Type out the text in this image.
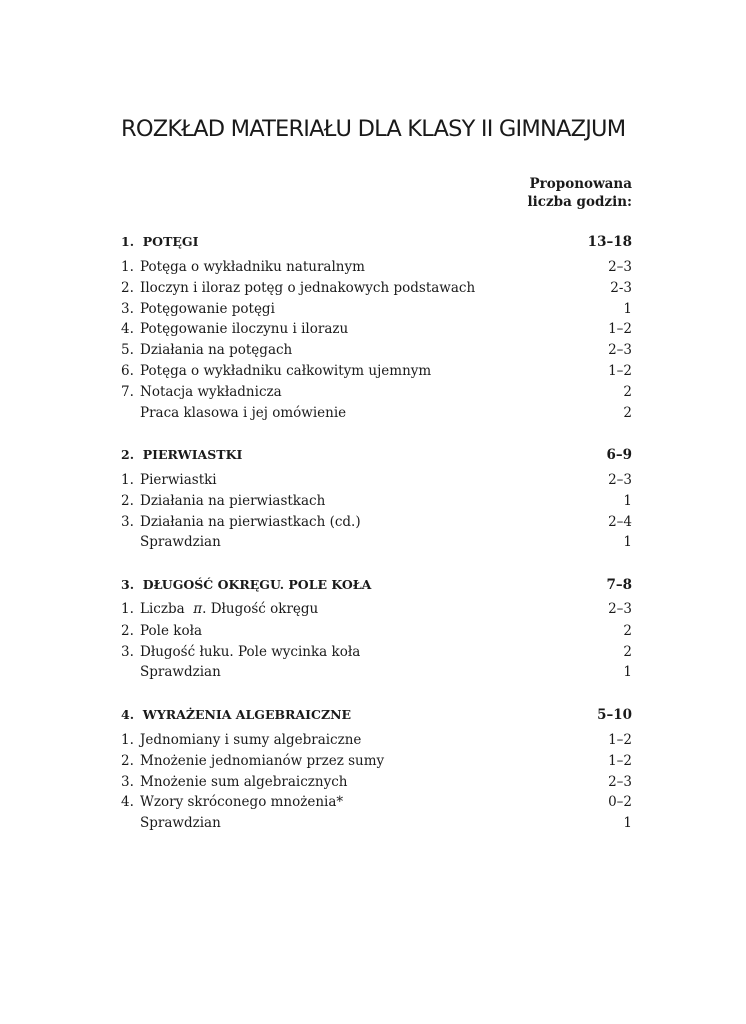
ROZKŁAD MATERIAŁU DLA KLASY II GIMNAZJUM
Proponowana
liczba godzin:
1. POTĘGI	13–18
1. Potęga o wykładniku naturalnym	2–3
2. Iloczyn i iloraz potęg o jednakowych podstawach	2-3
3. Potęgowanie potęgi	1
4. Potęgowanie iloczynu i ilorazu	1–2
5. Działania na potęgach	2–3
6. Potęga o wykładniku całkowitym ujemnym	1–2
7. Notacja wykładnicza	2
Praca klasowa i jej omówienie	2
2. PIERWIASTKI	6–9
1. Pierwiastki	2–3
2. Działania na pierwiastkach	1
3. Działania na pierwiastkach (cd.)	2–4
Sprawdzian	1
3. DŁUGOŚĆ OKRĘGU. POLE KOŁA	7–8
1. Liczba  π. Długość okręgu	2–3
2. Pole koła	2
3. Długość łuku. Pole wycinka koła	2
Sprawdzian	1
4. WYRAŻENIA ALGEBRAICZNE	5–10
1. Jednomiany i sumy algebraiczne	1–2
2. Mnożenie jednomianów przez sumy	1–2
3. Mnożenie sum algebraicznych	2–3
4. Wzory skróconego mnożenia*	0–2
Sprawdzian	1
